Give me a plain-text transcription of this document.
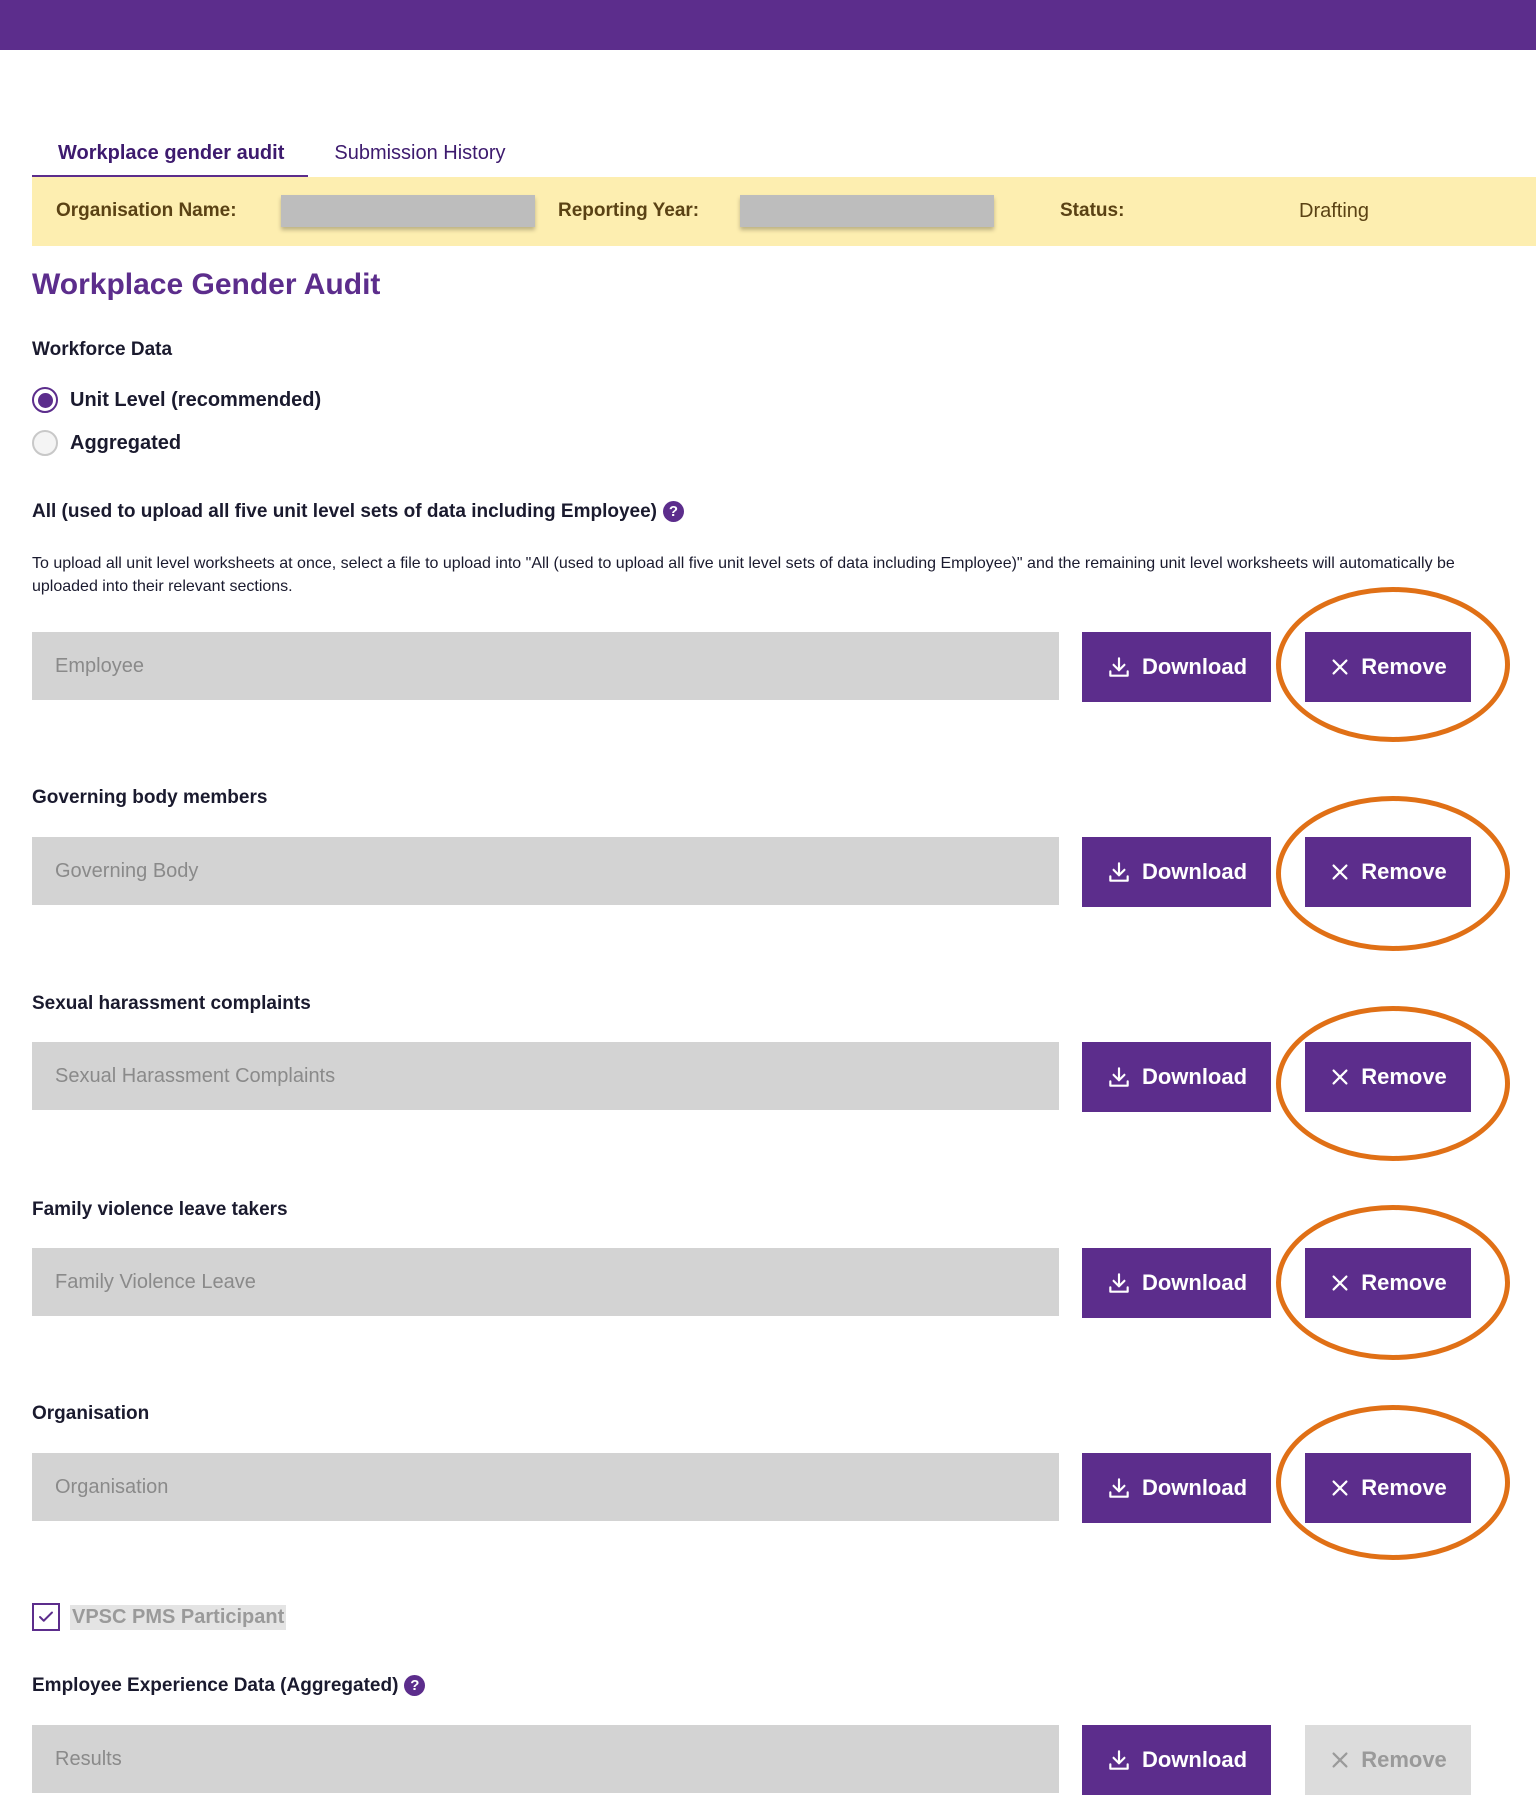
Workplace gender audit	Submission History
Organisation Name:	Reporting Year:	Status:	Drafting
Workplace Gender Audit
Workforce Data
Unit Level (recommended)
Aggregated
All (used to upload all five unit level sets of data including Employee) ?
To upload all unit level worksheets at once, select a file to upload into "All (used to upload all five unit level sets of data including Employee)" and the remaining unit level worksheets will automatically be uploaded into their relevant sections.
Employee	Download	Remove
Governing body members
Governing Body	Download	Remove
Sexual harassment complaints
Sexual Harassment Complaints	Download	Remove
Family violence leave takers
Family Violence Leave	Download	Remove
Organisation
Organisation	Download	Remove
VPSC PMS Participant
Employee Experience Data (Aggregated) ?
Results	Download	Remove
